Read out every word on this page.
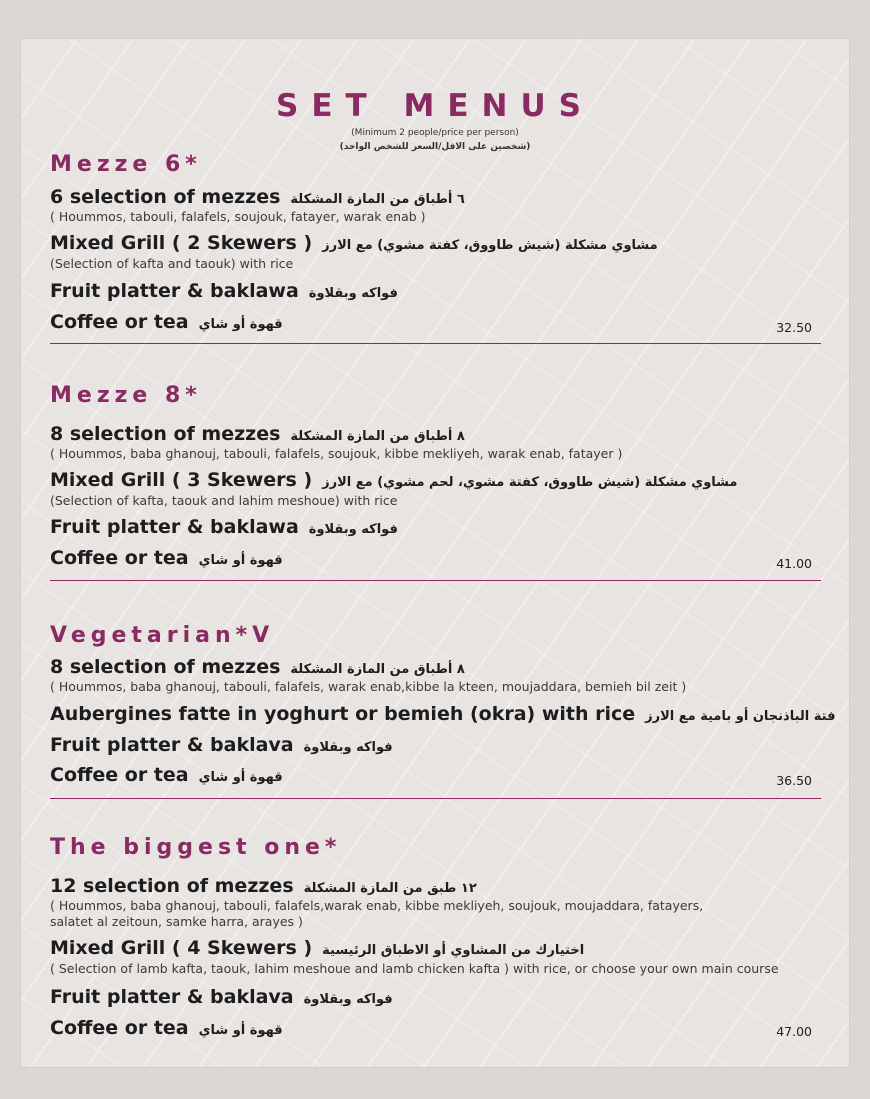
SET MENUS
(Minimum 2 people/price per person)
(شخصين على الاقل/السعر للشخص الواحد)
Mezze 6*
6 selection of mezzes ٦ أطباق من المازة المشكلة
( Hoummos, tabouli, falafels, soujouk, fatayer, warak enab )
Mixed Grill ( 2 Skewers ) مشاوي مشكلة (شيش طاووق، كفتة مشوي) مع الارز
(Selection of kafta and taouk) with rice
Fruit platter & baklawa فواكه وبقلاوة
Coffee or tea قهوة أو شاي	32.50
Mezze 8*
8 selection of mezzes ٨ أطباق من المازة المشكلة
( Hoummos, baba ghanouj, tabouli, falafels, soujouk, kibbe mekliyeh, warak enab, fatayer )
Mixed Grill ( 3 Skewers ) مشاوي مشكلة (شيش طاووق، كفتة مشوي، لحم مشوي) مع الارز
(Selection of kafta, taouk and lahim meshoue) with rice
Fruit platter & baklawa فواكه وبقلاوة
Coffee or tea قهوة أو شاي	41.00
Vegetarian*V
8 selection of mezzes ٨ أطباق من المازة المشكلة
( Hoummos, baba ghanouj, tabouli, falafels, warak enab,kibbe la kteen, moujaddara, bemieh bil zeit )
Aubergines fatte in yoghurt or bemieh (okra) with rice فتة الباذنجان أو بامية مع الارز
Fruit platter & baklava فواكه وبقلاوة
Coffee or tea قهوة أو شاي	36.50
The biggest one*
12 selection of mezzes ١٢ طبق من المازة المشكلة
( Hoummos, baba ghanouj, tabouli, falafels,warak enab, kibbe mekliyeh, soujouk, moujaddara, fatayers,
salatet al zeitoun, samke harra, arayes )
Mixed Grill ( 4 Skewers ) اختيارك من المشاوي أو الاطباق الرئيسية
( Selection of lamb kafta, taouk, lahim meshoue and lamb chicken kafta ) with rice, or choose your own main course
Fruit platter & baklava فواكه وبقلاوة
Coffee or tea قهوة أو شاي	47.00
